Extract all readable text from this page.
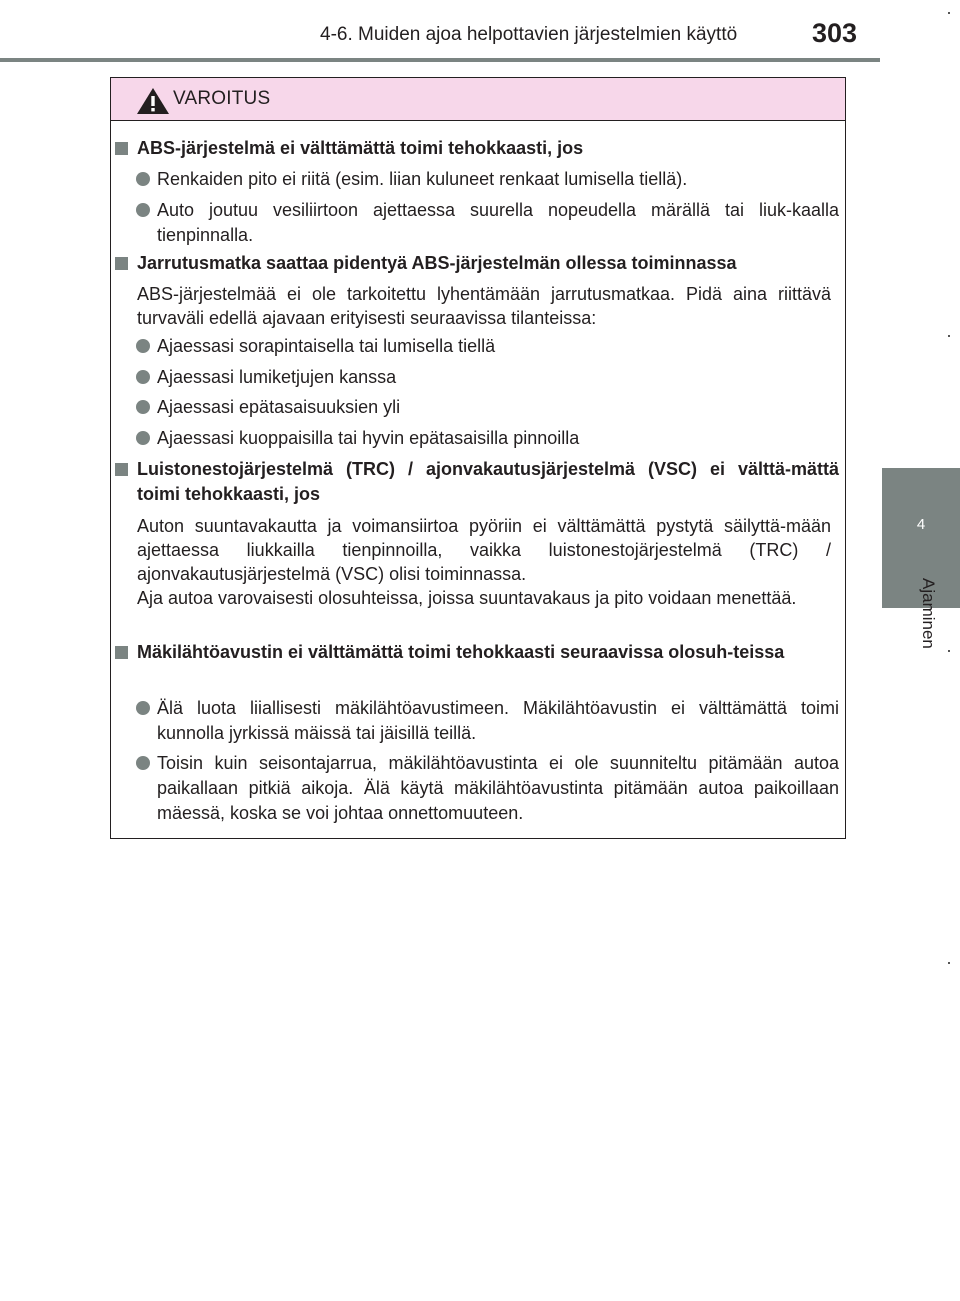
4-6. Muiden ajoa helpottavien järjestelmien käyttö	303
4
Ajaminen
VAROITUS
ABS-järjestelmä ei välttämättä toimi tehokkaasti, jos
Renkaiden pito ei riitä (esim. liian kuluneet renkaat lumisella tiellä).
Auto joutuu vesiliirtoon ajettaessa suurella nopeudella märällä tai liuk-kaalla tienpinnalla.
Jarrutusmatka saattaa pidentyä ABS-järjestelmän ollessa toiminnassa
ABS-järjestelmää ei ole tarkoitettu lyhentämään jarrutusmatkaa. Pidä aina riittävä turvaväli edellä ajavaan erityisesti seuraavissa tilanteissa:
Ajaessasi sorapintaisella tai lumisella tiellä
Ajaessasi lumiketjujen kanssa
Ajaessasi epätasaisuuksien yli
Ajaessasi kuoppaisilla tai hyvin epätasaisilla pinnoilla
Luistonestojärjestelmä (TRC) / ajonvakautusjärjestelmä (VSC) ei välttä-mättä toimi tehokkaasti, jos
Auton suuntavakautta ja voimansiirtoa pyöriin ei välttämättä pystytä säilyttä-mään ajettaessa liukkailla tienpinnoilla, vaikka luistonestojärjestelmä (TRC) / ajonvakautusjärjestelmä (VSC) olisi toiminnassa.
Aja autoa varovaisesti olosuhteissa, joissa suuntavakaus ja pito voidaan menettää.
Mäkilähtöavustin ei välttämättä toimi tehokkaasti seuraavissa olosuh-teissa
Älä luota liiallisesti mäkilähtöavustimeen. Mäkilähtöavustin ei välttämättä toimi kunnolla jyrkissä mäissä tai jäisillä teillä.
Toisin kuin seisontajarrua, mäkilähtöavustinta ei ole suunniteltu pitämään autoa paikallaan pitkiä aikoja. Älä käytä mäkilähtöavustinta pitämään autoa paikoillaan mäessä, koska se voi johtaa onnettomuuteen.
